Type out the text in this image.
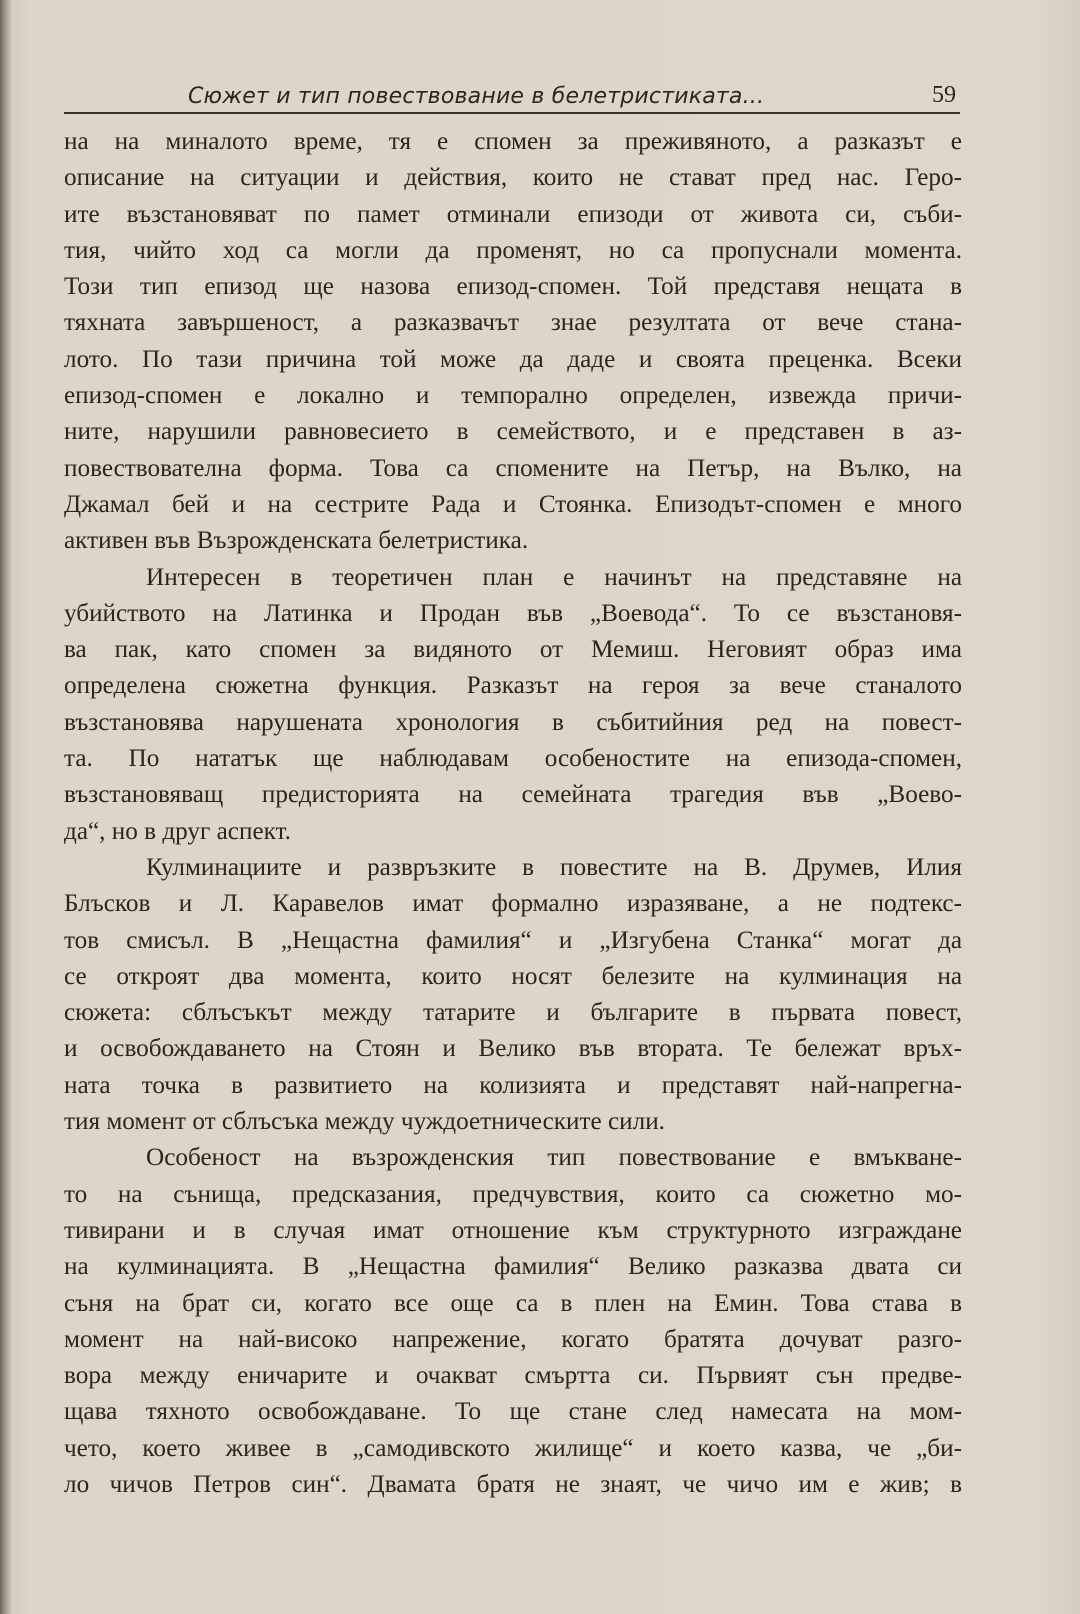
Сюжет и тип повествование в белетристиката...	59
на на миналото време, тя е спомен за преживяното, а разказът е
описание на ситуации и действия, които не стават пред нас. Геро-
ите възстановяват по памет отминали епизоди от живота си, съби-
тия, чийто ход са могли да променят, но са пропуснали момента.
Този тип епизод ще назова епизод-спомен. Той представя нещата в
тяхната завършеност, а разказвачът знае резултата от вече стана-
лото. По тази причина той може да даде и своята преценка. Всеки
епизод-спомен е локално и темпорално определен, извежда причи-
ните, нарушили равновесието в семейството, и е представен в аз-
повествователна форма. Това са спомените на Петър, на Вълко, на
Джамал бей и на сестрите Рада и Стоянка. Епизодът-спомен е много
активен във Възрожденската белетристика.
Интересен в теоретичен план е начинът на представяне на
убийството на Латинка и Продан във „Воевода“. То се възстановя-
ва пак, като спомен за видяното от Мемиш. Неговият образ има
определена сюжетна функция. Разказът на героя за вече станалото
възстановява нарушената хронология в събитийния ред на повест-
та. По нататък ще наблюдавам особеностите на епизода-спомен,
възстановяващ предисторията на семейната трагедия във „Воево-
да“, но в друг аспект.
Кулминациите и развръзките в повестите на В. Друмев, Илия
Блъсков и Л. Каравелов имат формално изразяване, а не подтекс-
тов смисъл. В „Нещастна фамилия“ и „Изгубена Станка“ могат да
се откроят два момента, които носят белезите на кулминация на
сюжета: сблъсъкът между татарите и българите в първата повест,
и освобождаването на Стоян и Велико във втората. Те бележат връх-
ната точка в развитието на колизията и представят най-напрегна-
тия момент от сблъсъка между чуждоетническите сили.
Особеност на възрожденския тип повествование е вмъкване-
то на сънища, предсказания, предчувствия, които са сюжетно мо-
тивирани и в случая имат отношение към структурното изграждане
на кулминацията. В „Нещастна фамилия“ Велико разказва двата си
съня на брат си, когато все още са в плен на Емин. Това става в
момент на най-високо напрежение, когато братята дочуват разго-
вора между еничарите и очакват смъртта си. Първият сън предве-
щава тяхното освобождаване. То ще стане след намесата на мом-
чето, което живее в „самодивското жилище“ и което казва, че „би-
ло чичов Петров син“. Двамата братя не знаят, че чичо им е жив; в
